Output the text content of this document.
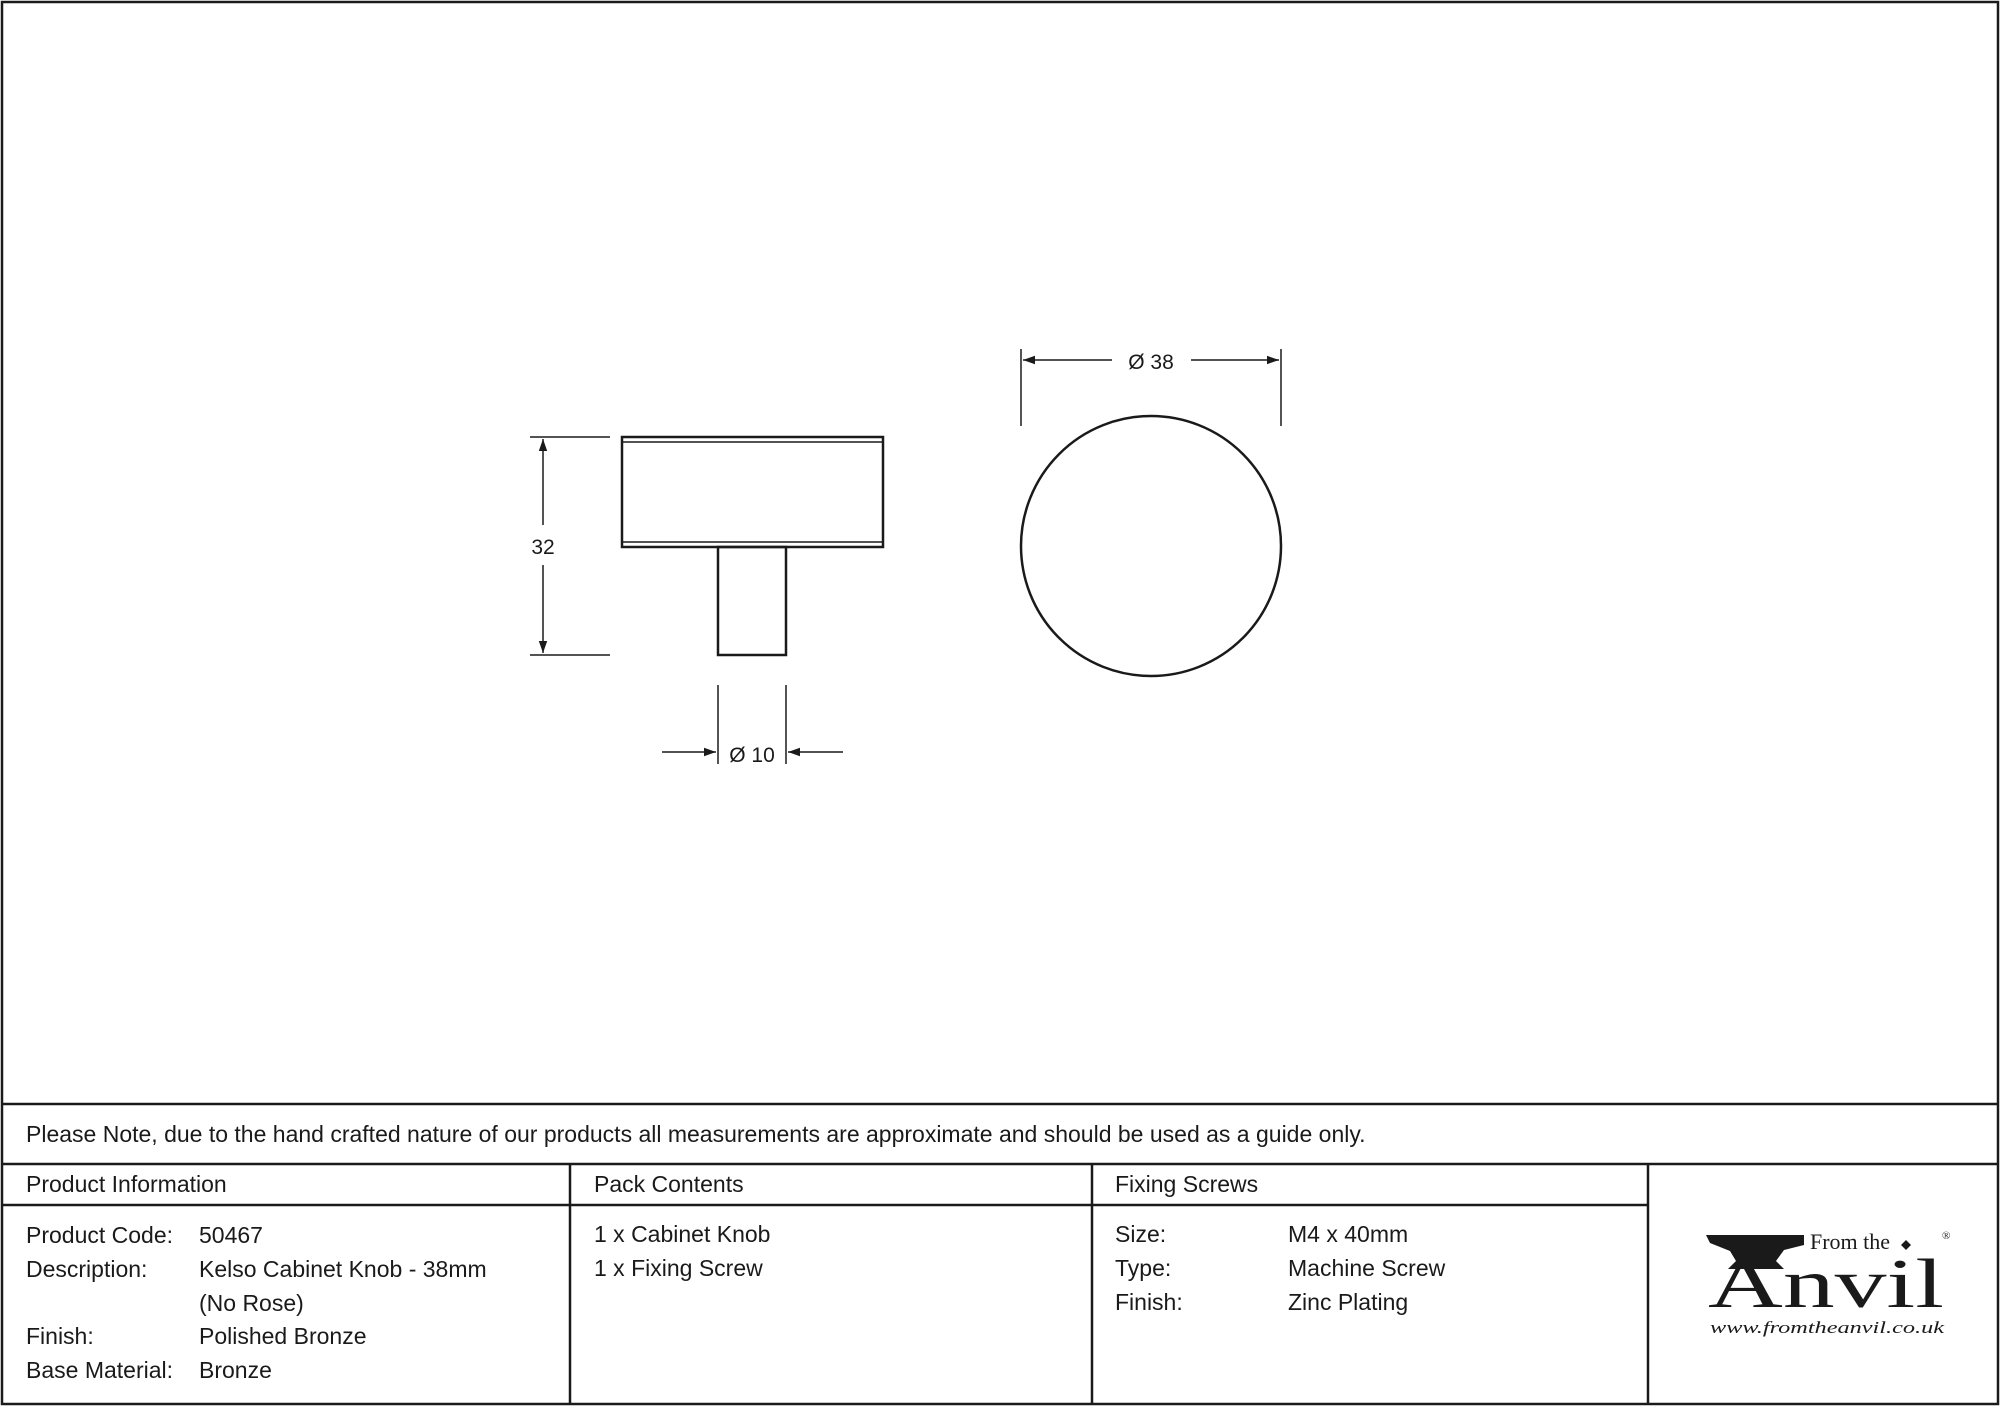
32
Ø 10
Ø 38
Please Note, due to the hand crafted nature of our products all measurements are approximate and should be used as a guide only.
Product Information
Product Code: 50467
Description: Kelso Cabinet Knob - 38mm
(No Rose)
Finish:	Polished Bronze
Base Material: Bronze
Pack Contents
1 x Cabinet Knob
1 x Fixing Screw
Fixing Screws
Size:	M4 x 40mm
Type:	Machine Screw
Finish:	Zinc Plating
From the	®
Anvil
www.fromtheanvil.co.uk
